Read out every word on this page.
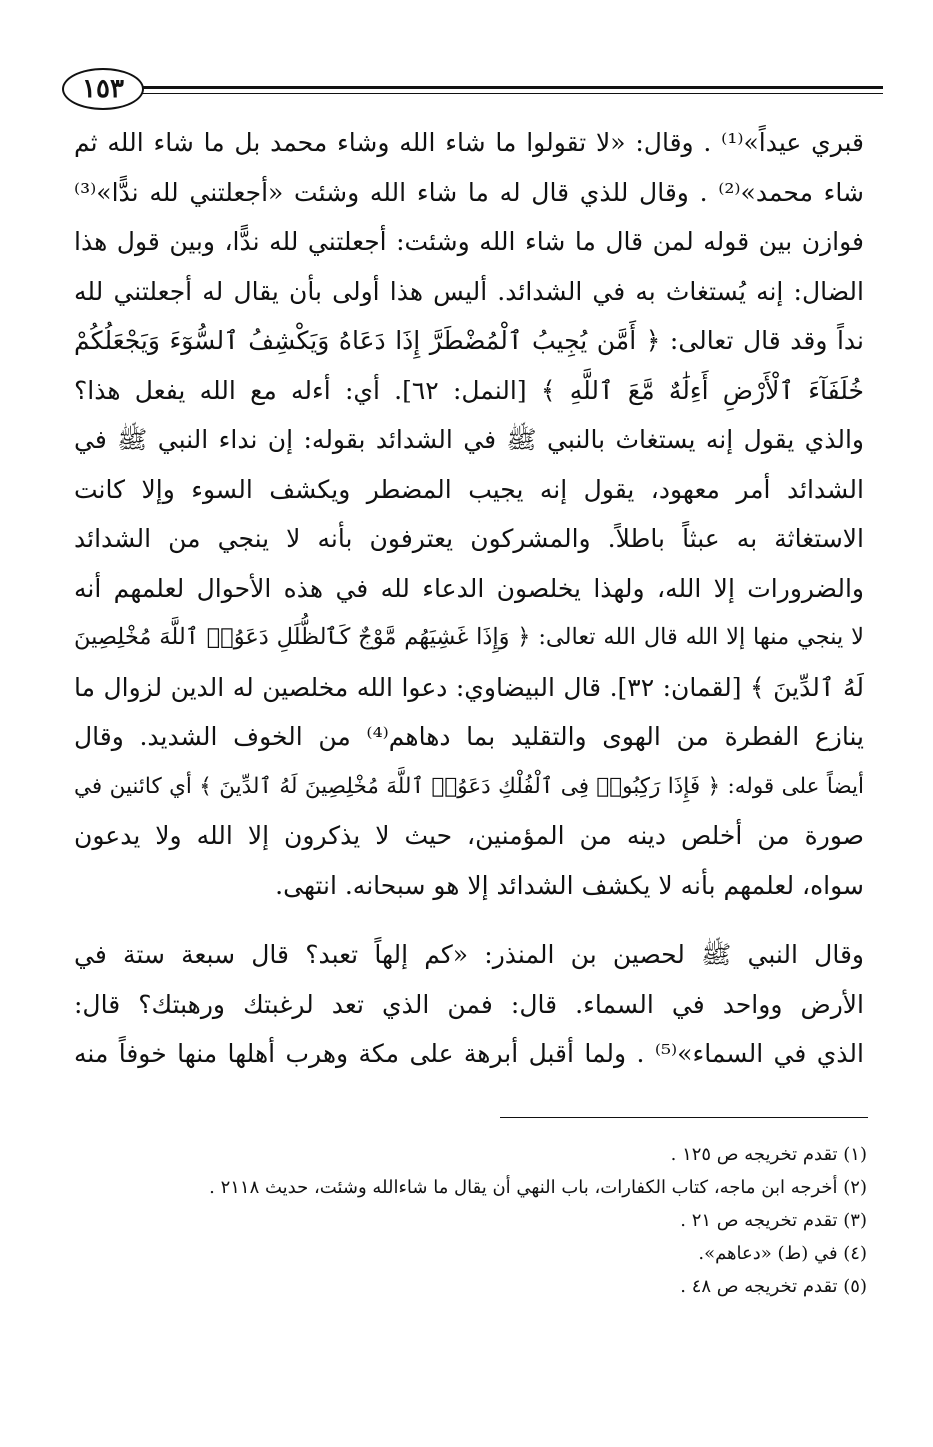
١٥٣
قبري عيداً»⁽¹⁾ . وقال: «لا تقولوا ما شاء الله وشاء محمد بل ما شاء الله ثم
شاء محمد»⁽²⁾ . وقال للذي قال له ما شاء الله وشئت «أجعلتني لله ندًّا»⁽³⁾
فوازن بين قوله لمن قال ما شاء الله وشئت: أجعلتني لله ندًّا، وبين قول هذا
الضال: إنه يُستغاث به في الشدائد. أليس هذا أولى بأن يقال له أجعلتني لله
نداً وقد قال تعالى: ﴿ أَمَّن يُجِيبُ ٱلْمُضْطَرَّ إِذَا دَعَاهُ وَيَكْشِفُ ٱلسُّوٓءَ وَيَجْعَلُكُمْ
خُلَفَآءَ ٱلْأَرْضِ أَءِلَٰهٌ مَّعَ ٱللَّهِ ﴾ [النمل: ٦٢]. أي: أءله مع الله يفعل هذا؟
والذي يقول إنه يستغاث بالنبي ﷺ في الشدائد بقوله: إن نداء النبي ﷺ في
الشدائد أمر معهود، يقول إنه يجيب المضطر ويكشف السوء وإلا كانت
الاستغاثة به عبثاً باطلاً. والمشركون يعترفون بأنه لا ينجي من الشدائد
والضرورات إلا الله، ولهذا يخلصون الدعاء لله في هذه الأحوال لعلمهم أنه
لا ينجي منها إلا الله قال الله تعالى: ﴿ وَإِذَا غَشِيَهُم مَّوْجٌ كَٱلظُّلَلِ دَعَوُا۟ ٱللَّهَ مُخْلِصِينَ
لَهُ ٱلدِّينَ ﴾ [لقمان: ٣٢]. قال البيضاوي: دعوا الله مخلصين له الدين لزوال ما
ينازع الفطرة من الهوى والتقليد بما دهاهم⁽⁴⁾ من الخوف الشديد. وقال
أيضاً على قوله: ﴿ فَإِذَا رَكِبُوا۟ فِى ٱلْفُلْكِ دَعَوُا۟ ٱللَّهَ مُخْلِصِينَ لَهُ ٱلدِّينَ ﴾ أي كائنين في
صورة من أخلص دينه من المؤمنين، حيث لا يذكرون إلا الله ولا يدعون
سواه، لعلمهم بأنه لا يكشف الشدائد إلا هو سبحانه. انتهى.
وقال النبي ﷺ لحصين بن المنذر: «كم إلهاً تعبد؟ قال سبعة ستة في
الأرض وواحد في السماء. قال: فمن الذي تعد لرغبتك ورهبتك؟ قال:
الذي في السماء»⁽⁵⁾ . ولما أقبل أبرهة على مكة وهرب أهلها منها خوفاً منه
(١) تقدم تخريجه ص ١٢٥ .
(٢) أخرجه ابن ماجه، كتاب الكفارات، باب النهي أن يقال ما شاءالله وشئت، حديث ٢١١٨ .
(٣) تقدم تخريجه ص ٢١ .
(٤) في (ط) «دعاهم».
(٥) تقدم تخريجه ص ٤٨ .
